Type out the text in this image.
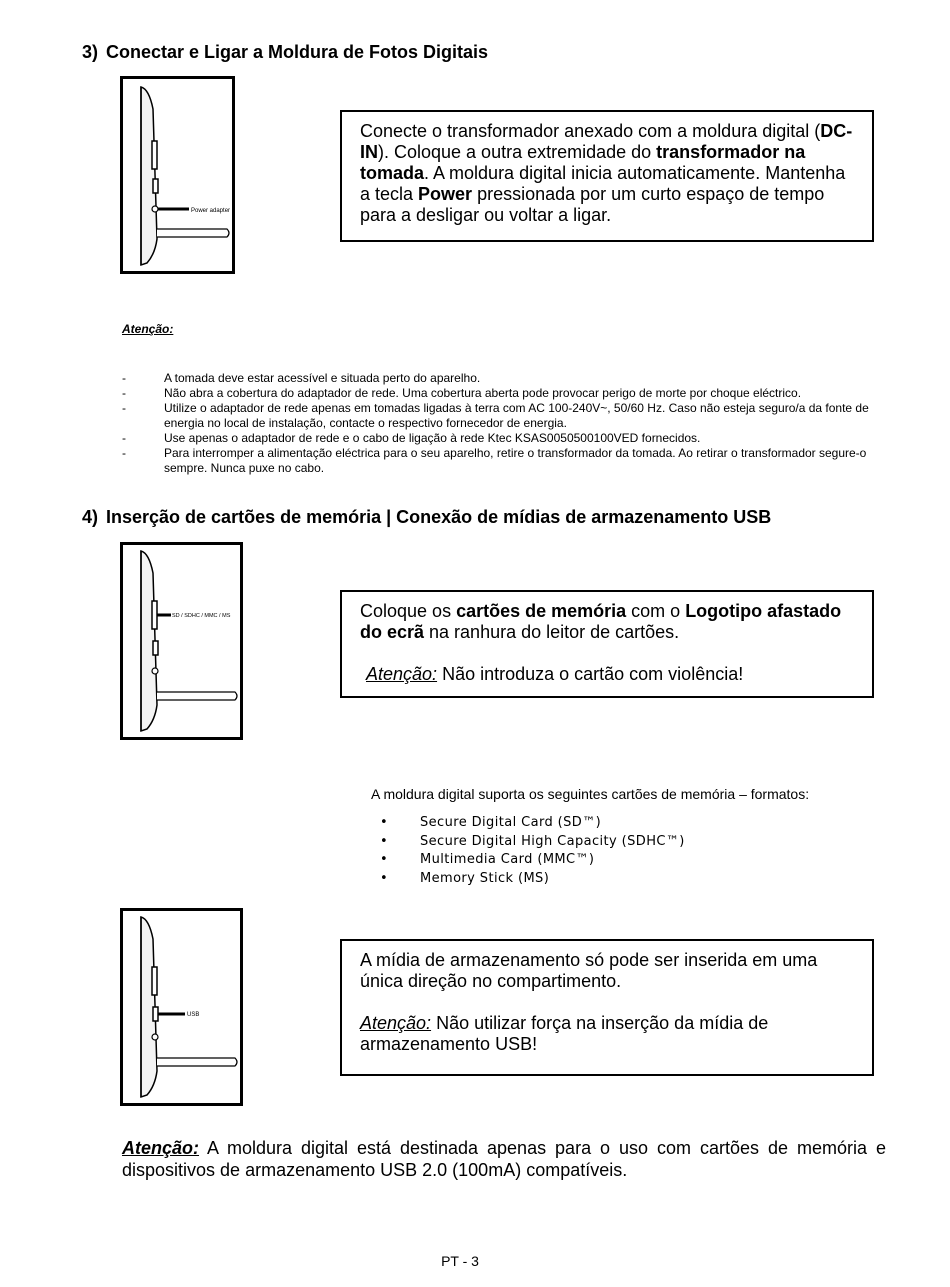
3) Conectar e Ligar a Moldura de Fotos Digitais
Power adapter

Conecte o transformador anexado com a moldura digital (DC-IN). Coloque a outra extremidade do transformador na tomada. A moldura digital inicia automaticamente. Mantenha a tecla Power pressionada por um curto espaço de tempo para a desligar ou voltar a ligar.

Atenção:
-	A tomada deve estar acessível e situada perto do aparelho.
-	Não abra a cobertura do adaptador de rede. Uma cobertura aberta pode provocar perigo de morte por choque eléctrico.
-	Utilize o adaptador de rede apenas em tomadas ligadas à terra com AC 100-240V~, 50/60 Hz. Caso não esteja seguro/a da fonte de energia no local de instalação, contacte o respectivo fornecedor de energia.
-	Use apenas o adaptador de rede e o cabo de ligação à rede Ktec KSAS0050500100VED fornecidos.
-	Para interromper a alimentação eléctrica para o seu aparelho, retire o transformador da tomada. Ao retirar o transformador segure-o sempre. Nunca puxe no cabo.
4) Inserção de cartões de memória | Conexão de mídias de armazenamento USB
SD / SDHC / MMC / MS	Coloque os cartões de memória com o Logotipo afastado do ecrã na ranhura do leitor de cartões.

Atenção: Não introduza o cartão com violência!

A moldura digital suporta os seguintes cartões de memória – formatos:
• Secure Digital Card (SD™)
• Secure Digital High Capacity (SDHC™)
• Multimedia Card (MMC™)
• Memory Stick (MS)
USB

A mídia de armazenamento só pode ser inserida em uma única direção no compartimento.

Atenção: Não utilizar força na inserção da mídia de armazenamento USB!

Atenção: A moldura digital está destinada apenas para o uso com cartões de memória e dispositivos de armazenamento USB 2.0 (100mA) compatíveis.
PT - 3
